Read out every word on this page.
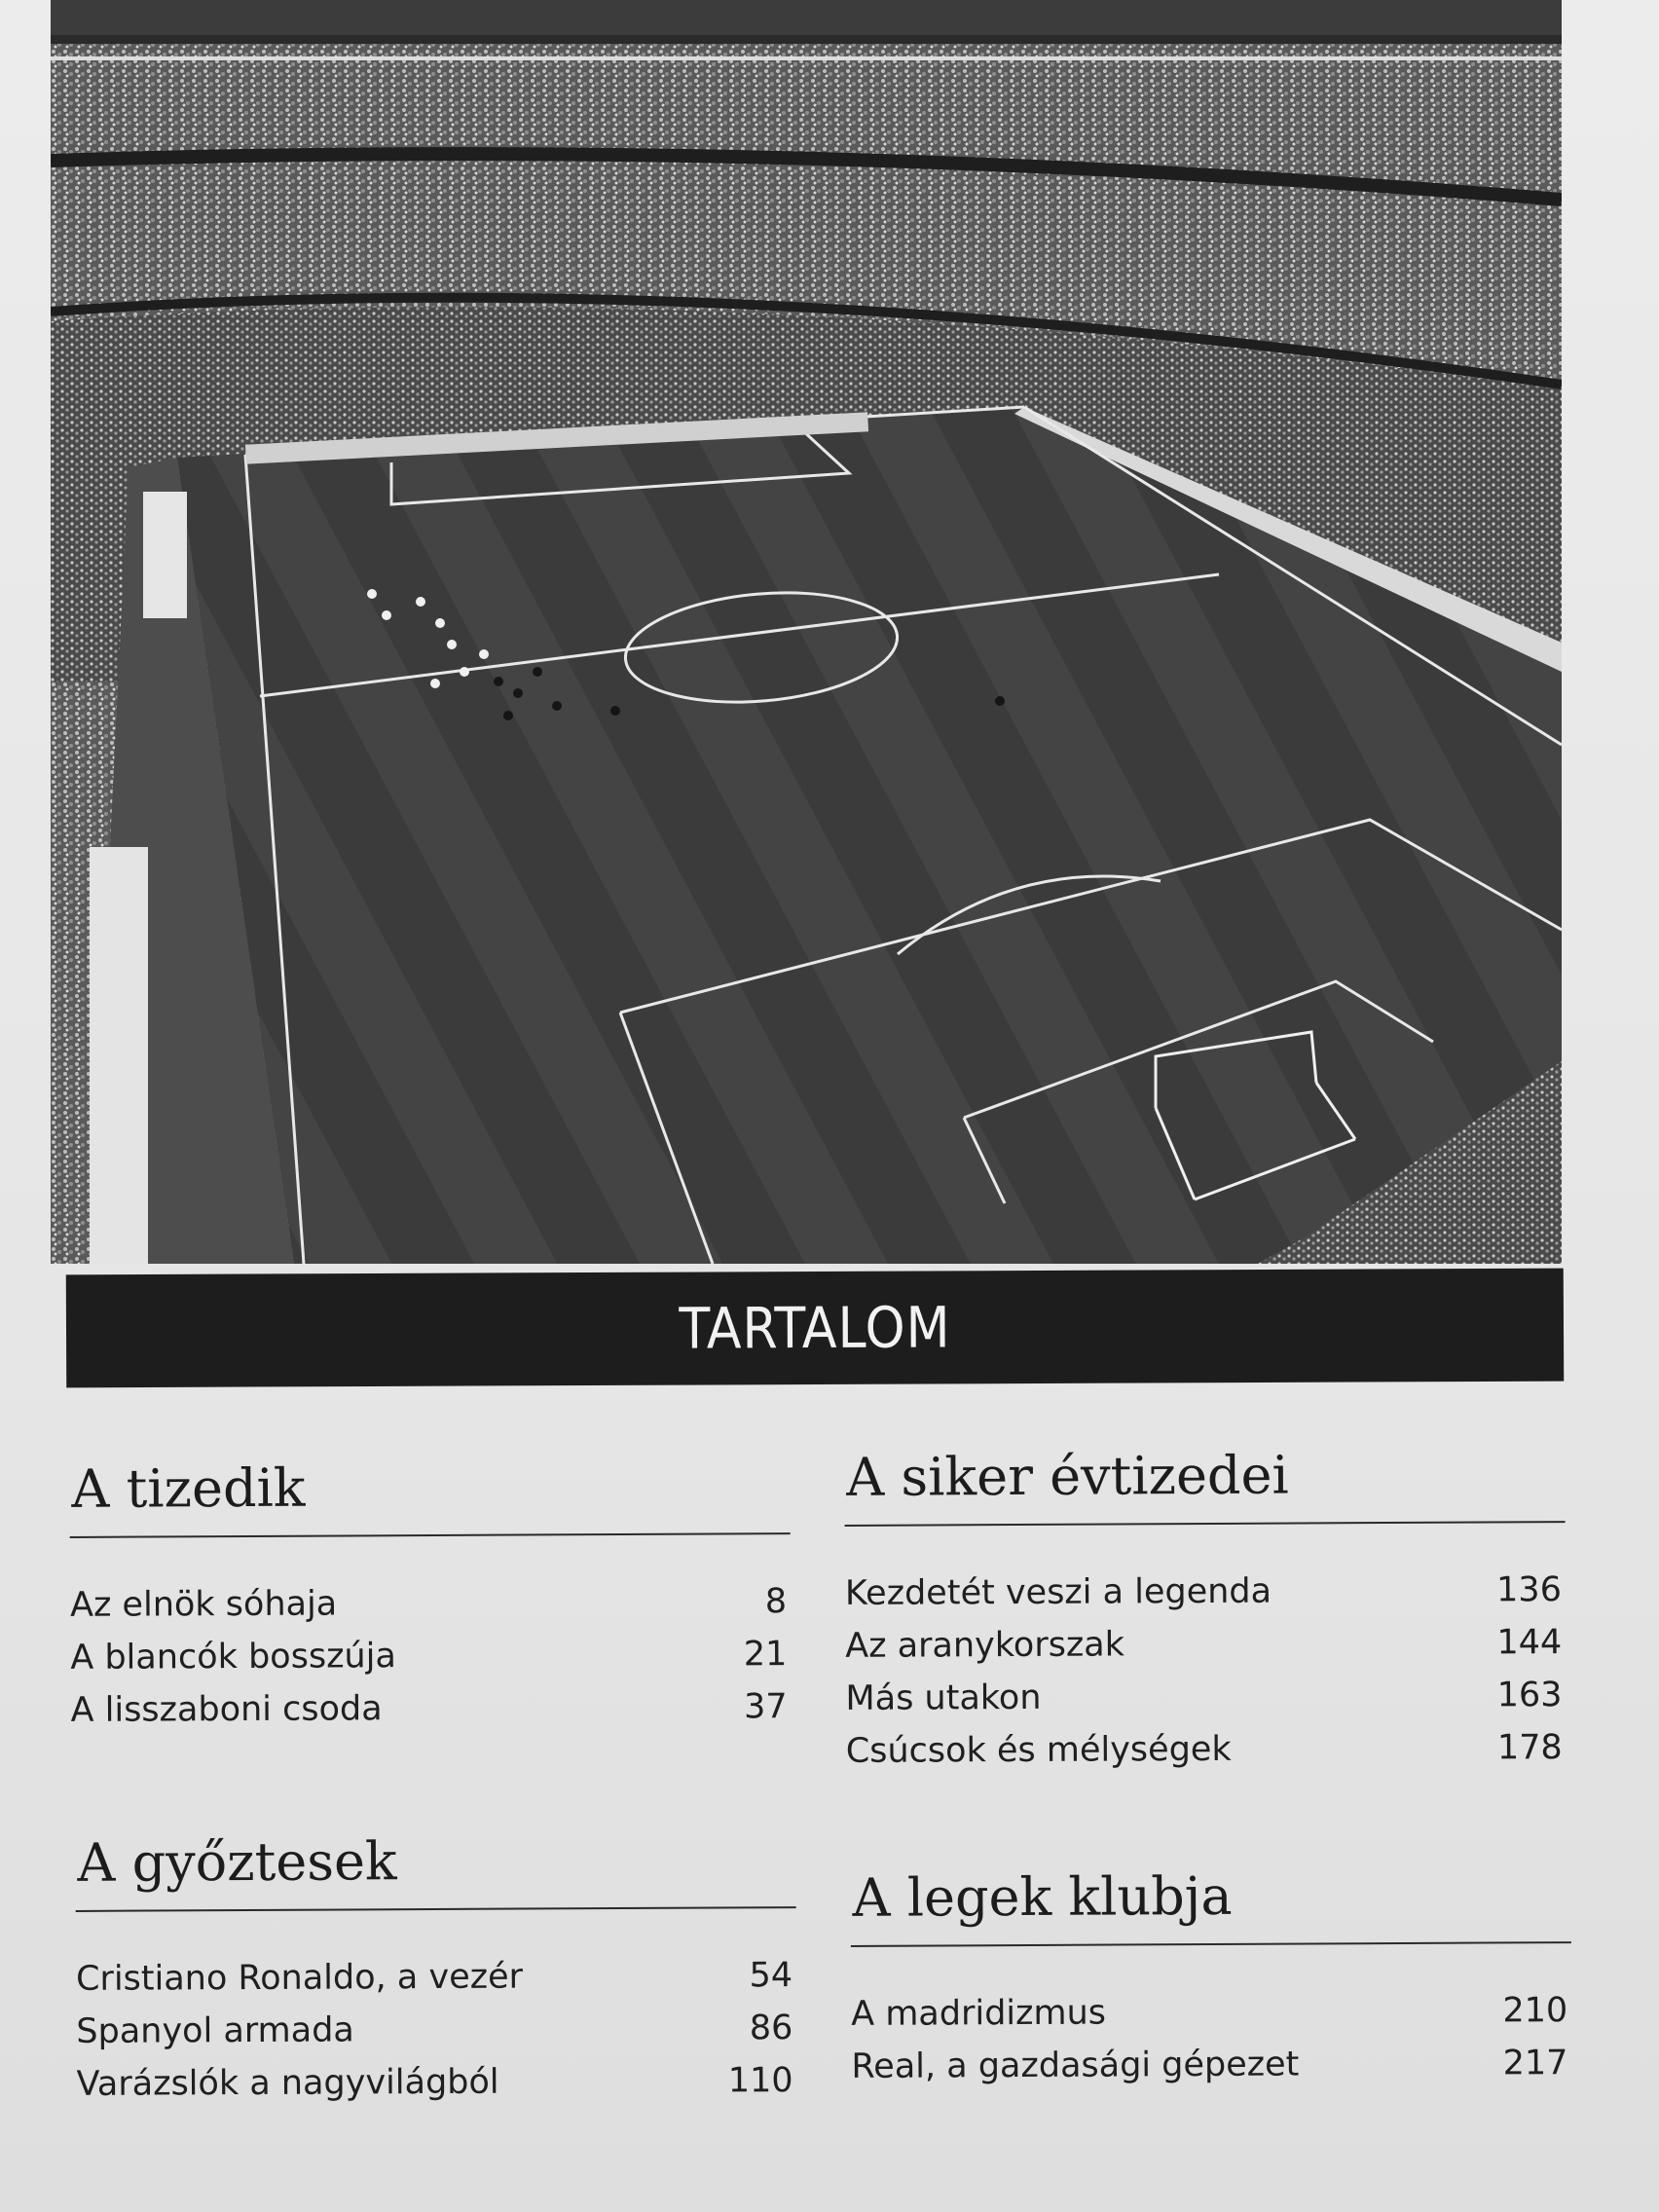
TARTALOM
A tizedik
Az elnök sóhaja	8
A blancók bosszúja	21
A lisszaboni csoda	37
A siker évtizedei
Kezdetét veszi a legenda	136
Az aranykorszak	144
Más utakon	163
Csúcsok és mélységek	178
A győztesek
Cristiano Ronaldo, a vezér	54
Spanyol armada	86
Varázslók a nagyvilágból	110
A legek klubja
A madridizmus	210
Real, a gazdasági gépezet	217
